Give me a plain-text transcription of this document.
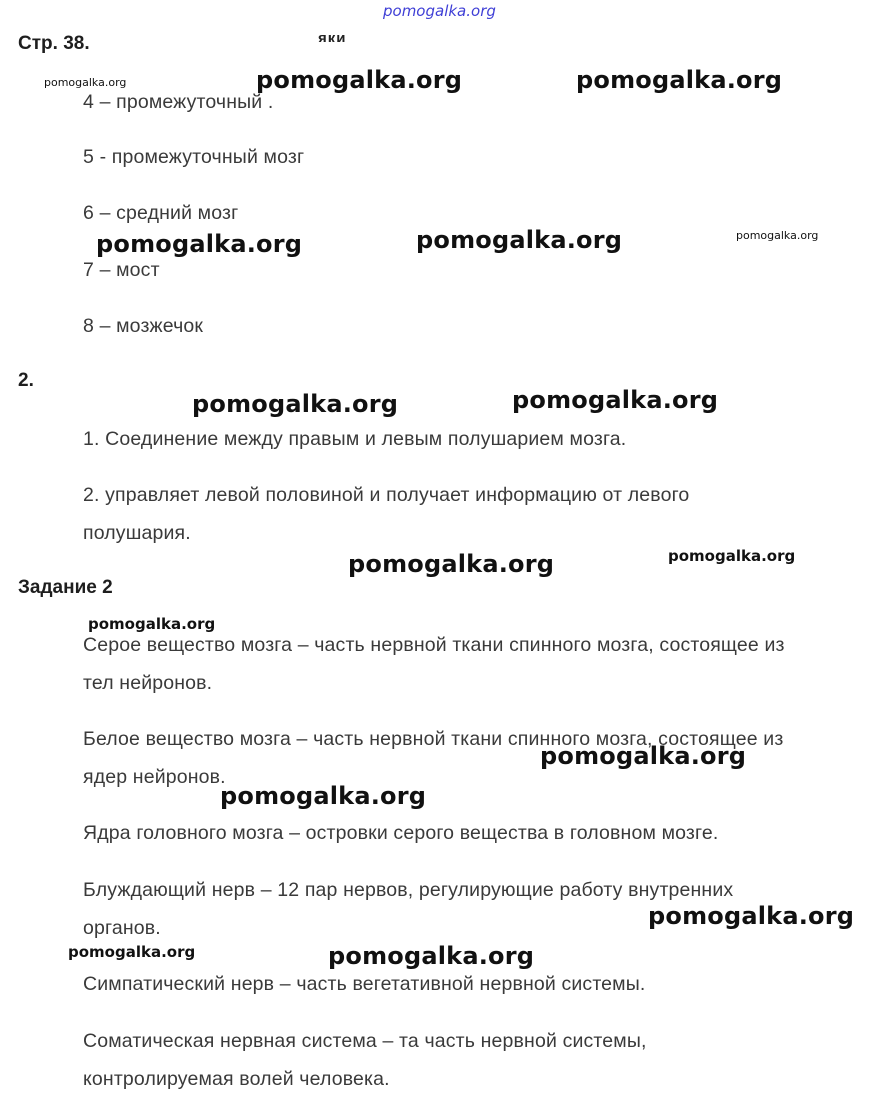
pomogalka.org
Стр. 38.	яки
4 – промежуточный .
5 - промежуточный мозг
6 – средний мозг
7 – мост
8 – мозжечок
2.
1. Соединение между правым и левым полушарием мозга.
2. управляет левой половиной и получает информацию от левого
полушария.
Задание 2
Серое вещество мозга – часть нервной ткани спинного мозга, состоящее из
тел нейронов.
Белое вещество мозга – часть нервной ткани спинного мозга, состоящее из
ядер нейронов.
Ядра головного мозга – островки серого вещества в головном мозге.
Блуждающий нерв – 12 пар нервов, регулирующие работу внутренних
органов.
Симпатический нерв – часть вегетативной нервной системы.
Соматическая нервная система – та часть нервной системы,
контролируемая волей человека.
pomogalka.org	pomogalka.org	pomogalka.org
pomogalka.org	pomogalka.org	pomogalka.org
pomogalka.org	pomogalka.org
pomogalka.org	pomogalka.org
pomogalka.org
pomogalka.org
pomogalka.org
pomogalka.org
pomogalka.org	pomogalka.org
